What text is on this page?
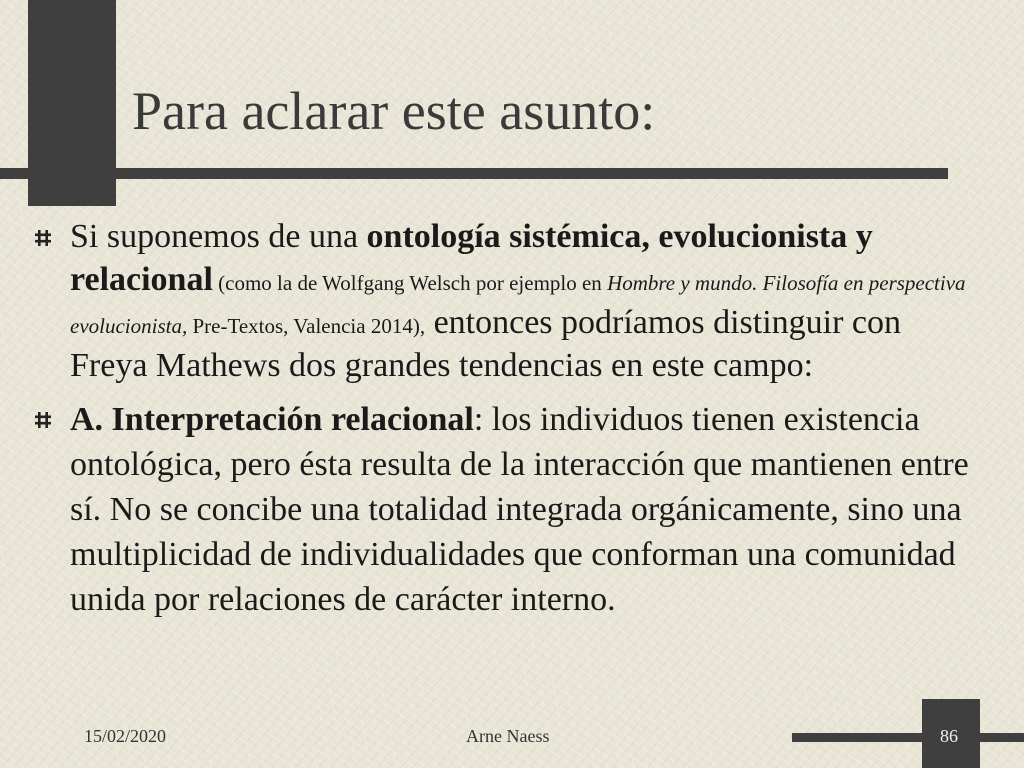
Para aclarar este asunto:

Si suponemos de una ontología sistémica, evolucionista y relacional (como la de Wolfgang Welsch por ejemplo en Hombre y mundo. Filosofía en perspectiva evolucionista, Pre-Textos, Valencia 2014), entonces podríamos distinguir con Freya Mathews dos grandes tendencias en este campo:

A. Interpretación relacional: los individuos tienen existencia ontológica, pero ésta resulta de la interacción que mantienen entre sí. No se concibe una totalidad integrada orgánicamente, sino una multiplicidad de individualidades que conforman una comunidad unida por relaciones de carácter interno.

15/02/2020	Arne Naess	86
